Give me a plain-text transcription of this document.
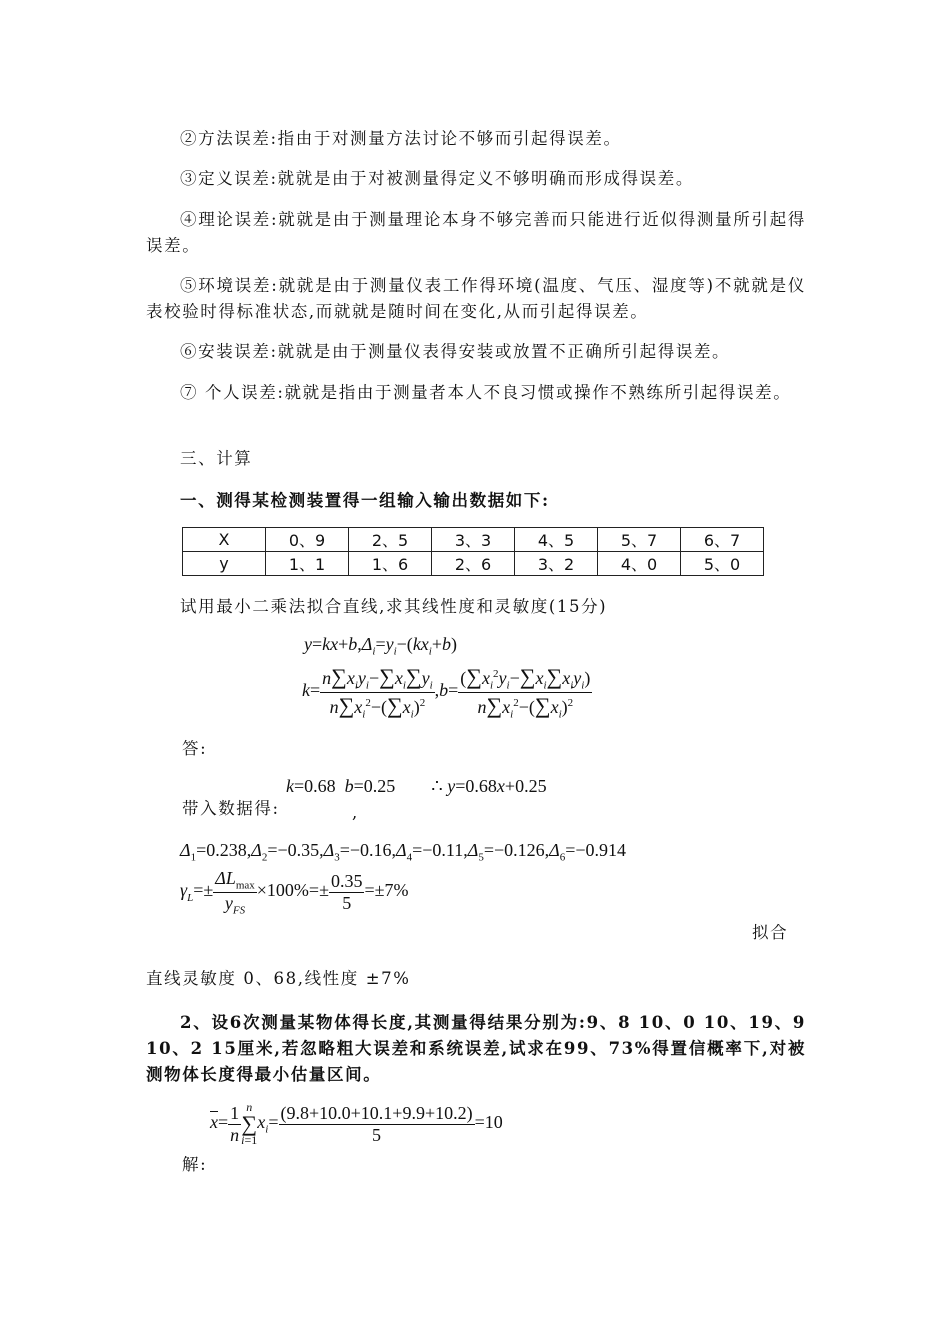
②方法误差:指由于对测量方法讨论不够而引起得误差。
③定义误差:就就是由于对被测量得定义不够明确而形成得误差。
④理论误差:就就是由于测量理论本身不够完善而只能进行近似得测量所引起得误差。
⑤环境误差:就就是由于测量仪表工作得环境(温度、气压、湿度等)不就就是仪表校验时得标准状态,而就就是随时间在变化,从而引起得误差。
⑥安装误差:就就是由于测量仪表得安装或放置不正确所引起得误差。
⑦ 个人误差:就就是指由于测量者本人不良习惯或操作不熟练所引起得误差。
三、计算
一、测得某检测装置得一组输入输出数据如下:
X	0、9	2、5	3、3	4、5	5、7	6、7
y	1、1	1、6	2、6	3、2	4、0	5、0
试用最小二乘法拟合直线,求其线性度和灵敏度(15分)
$y=kx+b,\Delta_i=y_i-(kx_i+b)$
$k= \frac{n\sum x_iy_i-\sum x_i\sum y_i}{n\sum x_i^2-(\sum x_i)^2} ,b= \frac{(\sum x_i^2y_i-\sum x_i\sum x_iy_i)}{n\sum x_i^2-(\sum x_i)^2}$
答:
k=0.68  b=0.25        ∴ y=0.68x+0.25
带入数据得:	,
$\Delta_1=0.238,\Delta_2=-0.35,\Delta_3=-0.16,\Delta_4=-0.11,\Delta_5=-0.126,\Delta_6=-0.914$
$\gamma_L=\pm \frac{\Delta L_{max}}{y_{FS}} \times 100\%=\pm \frac{0.35}{5} =\pm 7\%$
拟合
直线灵敏度 0、68,线性度 ±7%
2、设6次测量某物体得长度,其测量得结果分别为:9、8 10、0 10、19、9 10、2 15厘米,若忽略粗大误差和系统误差,试求在99、73%得置信概率下,对被测物体长度得最小估量区间。
$\overline{x}= \frac{1}{n}$ n
∑
i=1
$x_i= \frac{(9.8+10.0+10.1+9.9+10.2)}{5} =10$
解:
